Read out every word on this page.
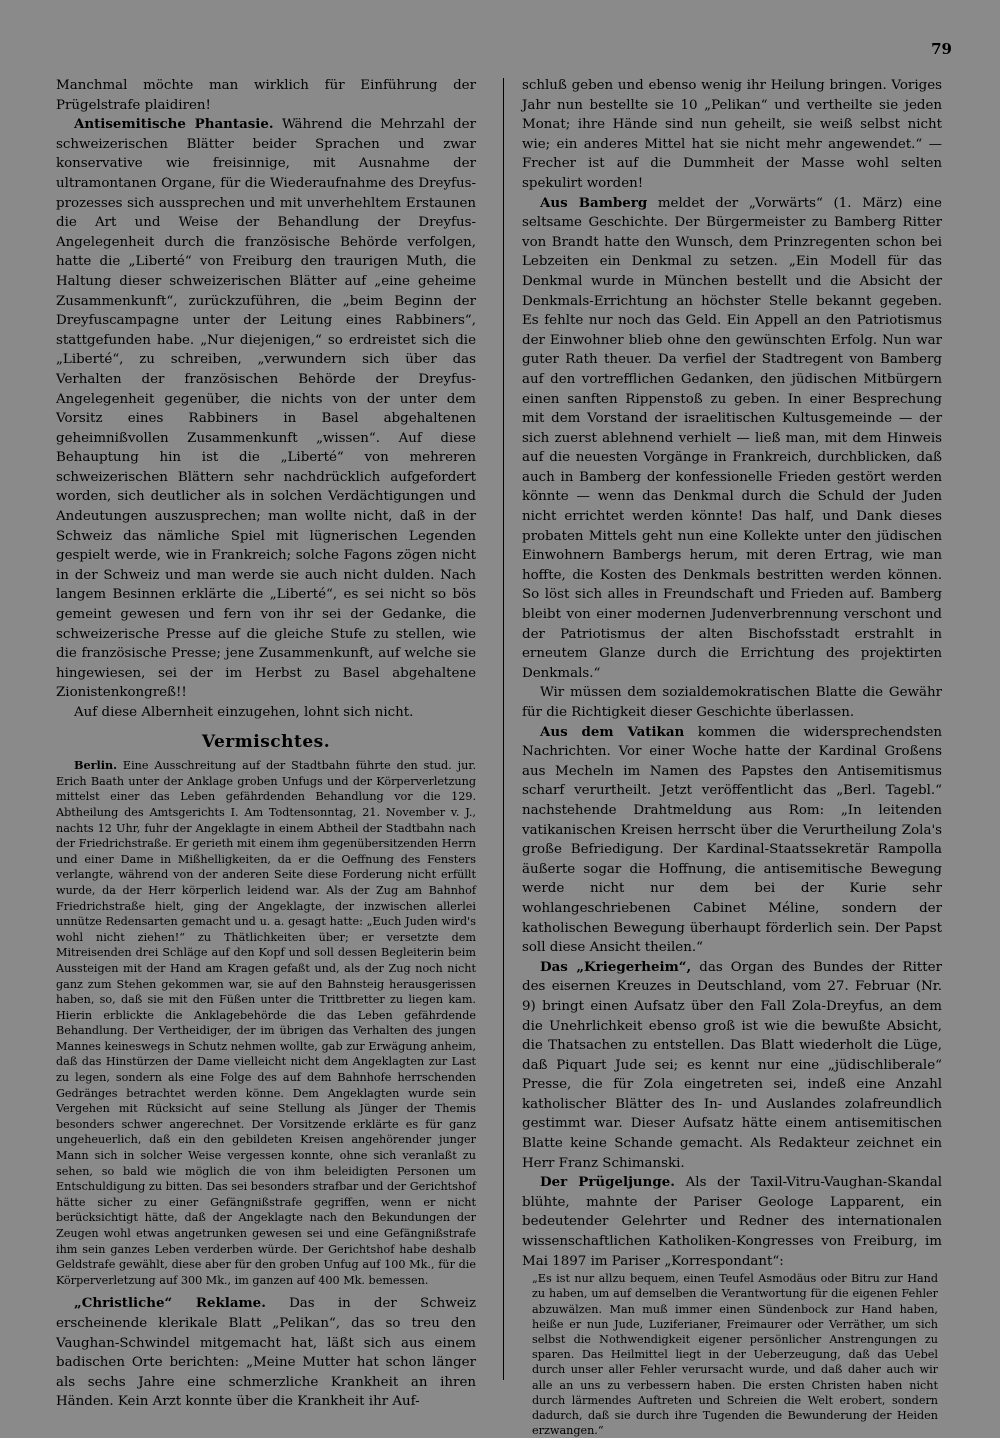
79

Manchmal möchte man wirklich für Einführung der Prügelstrafe plaidiren!

Antisemitische Phantasie. Während die Mehrzahl der schweizerischen Blätter beider Sprachen und zwar konservative wie freisinnige, mit Ausnahme der ultramontanen Organe, für die Wiederaufnahme des Dreyfus-prozesses sich aussprechen und mit unverhehltem Erstaunen die Art und Weise der Behandlung der Dreyfus-Angelegenheit durch die französische Behörde verfolgen, hatte die „Liberté“ von Freiburg den traurigen Muth, die Haltung dieser schweizerischen Blätter auf „eine geheime Zusammenkunft“, zurückzuführen, die „beim Beginn der Dreyfuscampagne unter der Leitung eines Rabbiners“, stattgefunden habe. „Nur diejenigen,“ so erdreistet sich die „Liberté“, zu schreiben, „verwundern sich über das Verhalten der französischen Behörde der Dreyfus-Angelegenheit gegenüber, die nichts von der unter dem Vorsitz eines Rabbiners in Basel abgehaltenen geheimnißvollen Zusammenkunft „wissen“. Auf diese Behauptung hin ist die „Liberté“ von mehreren schweizerischen Blättern sehr nachdrücklich aufgefordert worden, sich deutlicher als in solchen Verdächtigungen und Andeutungen auszusprechen; man wollte nicht, daß in der Schweiz das nämliche Spiel mit lügnerischen Legenden gespielt werde, wie in Frankreich; solche Fagons zögen nicht in der Schweiz und man werde sie auch nicht dulden. Nach langem Besinnen erklärte die „Liberté“, es sei nicht so bös gemeint gewesen und fern von ihr sei der Gedanke, die schweizerische Presse auf die gleiche Stufe zu stellen, wie die französische Presse; jene Zusammenkunft, auf welche sie hingewiesen, sei der im Herbst zu Basel abgehaltene Zionistenkongreß!!

Auf diese Albernheit einzugehen, lohnt sich nicht.

Vermischtes.

Berlin. Eine Ausschreitung auf der Stadtbahn führte den stud. jur. Erich Baath unter der Anklage groben Unfugs und der Körperverletzung mittelst einer das Leben gefährdenden Behandlung vor die 129. Abtheilung des Amtsgerichts I. Am Todtensonntag, 21. November v. J., nachts 12 Uhr, fuhr der Angeklagte in einem Abtheil der Stadtbahn nach der Friedrichstraße. Er gerieth mit einem ihm gegenübersitzenden Herrn und einer Dame in Mißhelligkeiten, da er die Oeffnung des Fensters verlangte, während von der anderen Seite diese Forderung nicht erfüllt wurde, da der Herr körperlich leidend war. Als der Zug am Bahnhof Friedrichstraße hielt, ging der Angeklagte, der inzwischen allerlei unnütze Redensarten gemacht und u. a. gesagt hatte: „Euch Juden wird's wohl nicht ziehen!“ zu Thätlichkeiten über; er versetzte dem Mitreisenden drei Schläge auf den Kopf und soll dessen Begleiterin beim Aussteigen mit der Hand am Kragen gefaßt und, als der Zug noch nicht ganz zum Stehen gekommen war, sie auf den Bahnsteig herausgerissen haben, so, daß sie mit den Füßen unter die Trittbretter zu liegen kam. Hierin erblickte die Anklagebehörde die das Leben gefährdende Behandlung. Der Vertheidiger, der im übrigen das Verhalten des jungen Mannes keineswegs in Schutz nehmen wollte, gab zur Erwägung anheim, daß das Hinstürzen der Dame vielleicht nicht dem Angeklagten zur Last zu legen, sondern als eine Folge des auf dem Bahnhofe herrschenden Gedränges betrachtet werden könne. Dem Angeklagten wurde sein Vergehen mit Rücksicht auf seine Stellung als Jünger der Themis besonders schwer angerechnet. Der Vorsitzende erklärte es für ganz ungeheuerlich, daß ein den gebildeten Kreisen angehörender junger Mann sich in solcher Weise vergessen konnte, ohne sich veranlaßt zu sehen, so bald wie möglich die von ihm beleidigten Personen um Entschuldigung zu bitten. Das sei besonders strafbar und der Gerichtshof hätte sicher zu einer Gefängnißstrafe gegriffen, wenn er nicht berücksichtigt hätte, daß der Angeklagte nach den Bekundungen der Zeugen wohl etwas angetrunken gewesen sei und eine Gefängnißstrafe ihm sein ganzes Leben verderben würde. Der Gerichtshof habe deshalb Geldstrafe gewählt, diese aber für den groben Unfug auf 100 Mk., für die Körperverletzung auf 300 Mk., im ganzen auf 400 Mk. bemessen.

„Christliche“ Reklame. Das in der Schweiz erscheinende klerikale Blatt „Pelikan“, das so treu den Vaughan-Schwindel mitgemacht hat, läßt sich aus einem badischen Orte berichten: „Meine Mutter hat schon länger als sechs Jahre eine schmerzliche Krankheit an ihren Händen. Kein Arzt konnte über die Krankheit ihr Auf-

schluß geben und ebenso wenig ihr Heilung bringen. Voriges Jahr nun bestellte sie 10 „Pelikan“ und vertheilte sie jeden Monat; ihre Hände sind nun geheilt, sie weiß selbst nicht wie; ein anderes Mittel hat sie nicht mehr angewendet.“ — Frecher ist auf die Dummheit der Masse wohl selten spekulirt worden!

Aus Bamberg meldet der „Vorwärts“ (1. März) eine seltsame Geschichte. Der Bürgermeister zu Bamberg Ritter von Brandt hatte den Wunsch, dem Prinzregenten schon bei Lebzeiten ein Denkmal zu setzen. „Ein Modell für das Denkmal wurde in München bestellt und die Absicht der Denkmals-Errichtung an höchster Stelle bekannt gegeben. Es fehlte nur noch das Geld. Ein Appell an den Patriotismus der Einwohner blieb ohne den gewünschten Erfolg. Nun war guter Rath theuer. Da verfiel der Stadtregent von Bamberg auf den vortrefflichen Gedanken, den jüdischen Mitbürgern einen sanften Rippenstoß zu geben. In einer Besprechung mit dem Vorstand der israelitischen Kultusgemeinde — der sich zuerst ablehnend verhielt — ließ man, mit dem Hinweis auf die neuesten Vorgänge in Frankreich, durchblicken, daß auch in Bamberg der konfessionelle Frieden gestört werden könnte — wenn das Denkmal durch die Schuld der Juden nicht errichtet werden könnte! Das half, und Dank dieses probaten Mittels geht nun eine Kollekte unter den jüdischen Einwohnern Bambergs herum, mit deren Ertrag, wie man hoffte, die Kosten des Denkmals bestritten werden können. So löst sich alles in Freundschaft und Frieden auf. Bamberg bleibt von einer modernen Judenverbrennung verschont und der Patriotismus der alten Bischofsstadt erstrahlt in erneutem Glanze durch die Errichtung des projektirten Denkmals.“

Wir müssen dem sozialdemokratischen Blatte die Gewähr für die Richtigkeit dieser Geschichte überlassen.

Aus dem Vatikan kommen die widersprechendsten Nachrichten. Vor einer Woche hatte der Kardinal Großens aus Mecheln im Namen des Papstes den Antisemitismus scharf verurtheilt. Jetzt veröffentlicht das „Berl. Tagebl.“ nachstehende Drahtmeldung aus Rom: „In leitenden vatikanischen Kreisen herrscht über die Verurtheilung Zola's große Befriedigung. Der Kardinal-Staatssekretär Rampolla äußerte sogar die Hoffnung, die antisemitische Bewegung werde nicht nur dem bei der Kurie sehr wohlangeschriebenen Cabinet Méline, sondern der katholischen Bewegung überhaupt förderlich sein. Der Papst soll diese Ansicht theilen.“

Das „Kriegerheim“, das Organ des Bundes der Ritter des eisernen Kreuzes in Deutschland, vom 27. Februar (Nr. 9) bringt einen Aufsatz über den Fall Zola-Dreyfus, an dem die Unehrlichkeit ebenso groß ist wie die bewußte Absicht, die Thatsachen zu entstellen. Das Blatt wiederholt die Lüge, daß Piquart Jude sei; es kennt nur eine „jüdischliberale“ Presse, die für Zola eingetreten sei, indeß eine Anzahl katholischer Blätter des In- und Auslandes zolafreundlich gestimmt war. Dieser Aufsatz hätte einem antisemitischen Blatte keine Schande gemacht. Als Redakteur zeichnet ein Herr Franz Schimanski.

Der Prügeljunge. Als der Taxil-Vitru-Vaughan-Skandal blühte, mahnte der Pariser Geologe Lapparent, ein bedeutender Gelehrter und Redner des internationalen wissenschaftlichen Katholiken-Kongresses von Freiburg, im Mai 1897 im Pariser „Korrespondant“:

„Es ist nur allzu bequem, einen Teufel Asmodäus oder Bitru zur Hand zu haben, um auf demselben die Verantwortung für die eigenen Fehler abzuwälzen. Man muß immer einen Sündenbock zur Hand haben, heiße er nun Jude, Luziferianer, Freimaurer oder Verräther, um sich selbst die Nothwendigkeit eigener persönlicher Anstrengungen zu sparen. Das Heilmittel liegt in der Ueberzeugung, daß das Uebel durch unser aller Fehler verursacht wurde, und daß daher auch wir alle an uns zu verbessern haben. Die ersten Christen haben nicht durch lärmendes Auftreten und Schreien die Welt erobert, sondern dadurch, daß sie durch ihre Tugenden die Bewunderung der Heiden erzwangen.“
